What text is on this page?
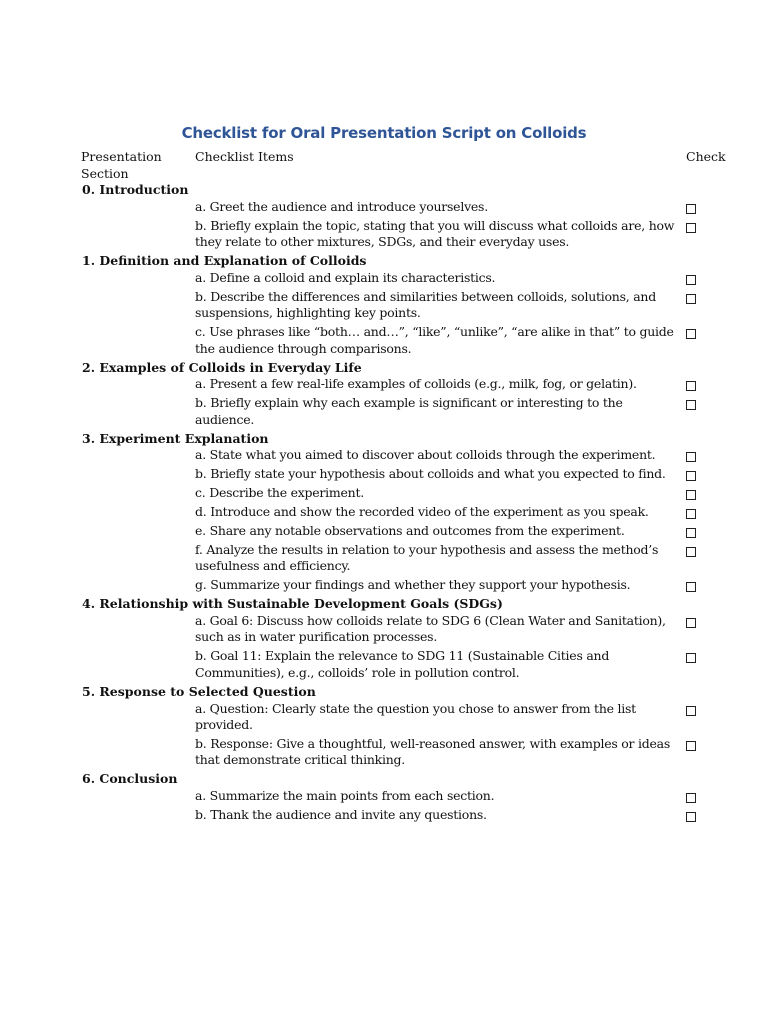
Checklist for Oral Presentation Script on Colloids
Presentation Section
Checklist Items	Check
0. Introduction
a. Greet the audience and introduce yourselves.
b. Briefly explain the topic, stating that you will discuss what colloids are, how they relate to other mixtures, SDGs, and their everyday uses.
1. Definition and Explanation of Colloids
a. Define a colloid and explain its characteristics.
b. Describe the differences and similarities between colloids, solutions, and suspensions, highlighting key points.
c. Use phrases like “both… and…”, “like”, “unlike”, “are alike in that” to guide the audience through comparisons.
2. Examples of Colloids in Everyday Life
a. Present a few real-life examples of colloids (e.g., milk, fog, or gelatin).
b. Briefly explain why each example is significant or interesting to the audience.
3. Experiment Explanation
a. State what you aimed to discover about colloids through the experiment.
b. Briefly state your hypothesis about colloids and what you expected to find.
c. Describe the experiment.
d. Introduce and show the recorded video of the experiment as you speak.
e. Share any notable observations and outcomes from the experiment.
f. Analyze the results in relation to your hypothesis and assess the method’s usefulness and efficiency.
g. Summarize your findings and whether they support your hypothesis.
4. Relationship with Sustainable Development Goals (SDGs)
a. Goal 6: Discuss how colloids relate to SDG 6 (Clean Water and Sanitation), such as in water purification processes.
b. Goal 11: Explain the relevance to SDG 11 (Sustainable Cities and Communities), e.g., colloids’ role in pollution control.
5. Response to Selected Question
a. Question: Clearly state the question you chose to answer from the list provided.
b. Response: Give a thoughtful, well-reasoned answer, with examples or ideas that demonstrate critical thinking.
6. Conclusion
a. Summarize the main points from each section.
b. Thank the audience and invite any questions.
